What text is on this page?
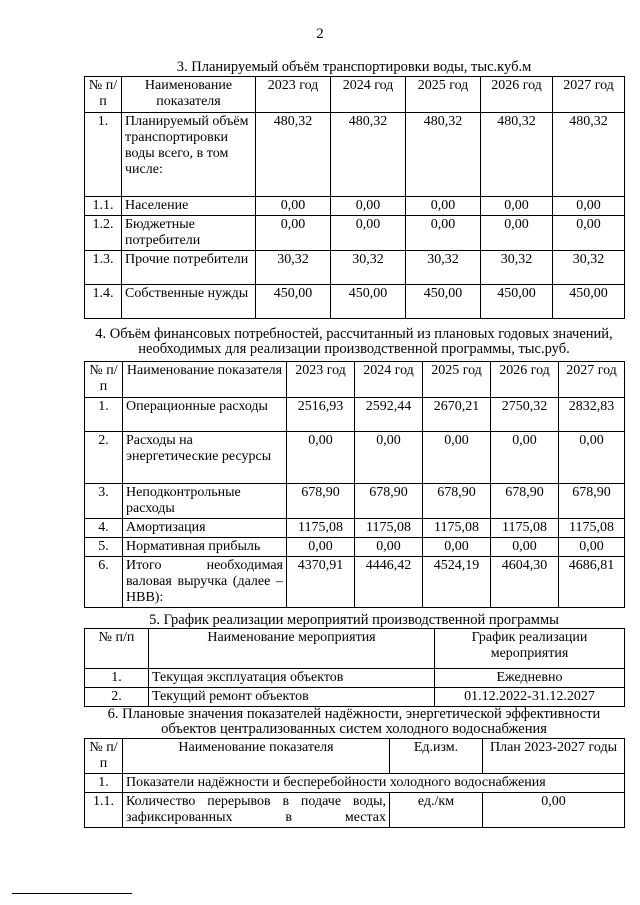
2
3. Планируемый объём транспортировки воды, тыс.куб.м
№ п/п	Наименование показателя	2023 год	2024 год	2025 год	2026 год	2027 год
1.	Планируемый объём транспортировки воды всего, в том числе:	480,32	480,32	480,32	480,32	480,32
1.1.	Население	0,00	0,00	0,00	0,00	0,00
1.2.	Бюджетные потребители	0,00	0,00	0,00	0,00	0,00
1.3.	Прочие потребители	30,32	30,32	30,32	30,32	30,32
1.4.	Собственные нужды	450,00	450,00	450,00	450,00	450,00
4. Объём финансовых потребностей, рассчитанный из плановых годовых значений, необходимых для реализации производственной программы, тыс.руб.
№ п/п	Наименование показателя	2023 год	2024 год	2025 год	2026 год	2027 год
1.	Операционные расходы	2516,93	2592,44	2670,21	2750,32	2832,83
2.	Расходы на энергетические ресурсы	0,00	0,00	0,00	0,00	0,00
3.	Неподконтрольные расходы	678,90	678,90	678,90	678,90	678,90
4.	Амортизация	1175,08	1175,08	1175,08	1175,08	1175,08
5.	Нормативная прибыль	0,00	0,00	0,00	0,00	0,00
6.	Итого необходимая валовая выручка (далее – НВВ):	4370,91	4446,42	4524,19	4604,30	4686,81
5. График реализации мероприятий производственной программы
№ п/п	Наименование мероприятия	График реализации мероприятия
1.	Текущая эксплуатация объектов	Ежедневно
2.	Текущий ремонт объектов	01.12.2022-31.12.2027
6. Плановые значения показателей надёжности, энергетической эффективности объектов централизованных систем холодного водоснабжения
№ п/п	Наименование показателя	Ед.изм.	План 2023-2027 годы
1.	Показатели надёжности и бесперебойности холодного водоснабжения		
1.1.	Количество перерывов в подаче воды, зафиксированных в местах	ед./км	0,00
